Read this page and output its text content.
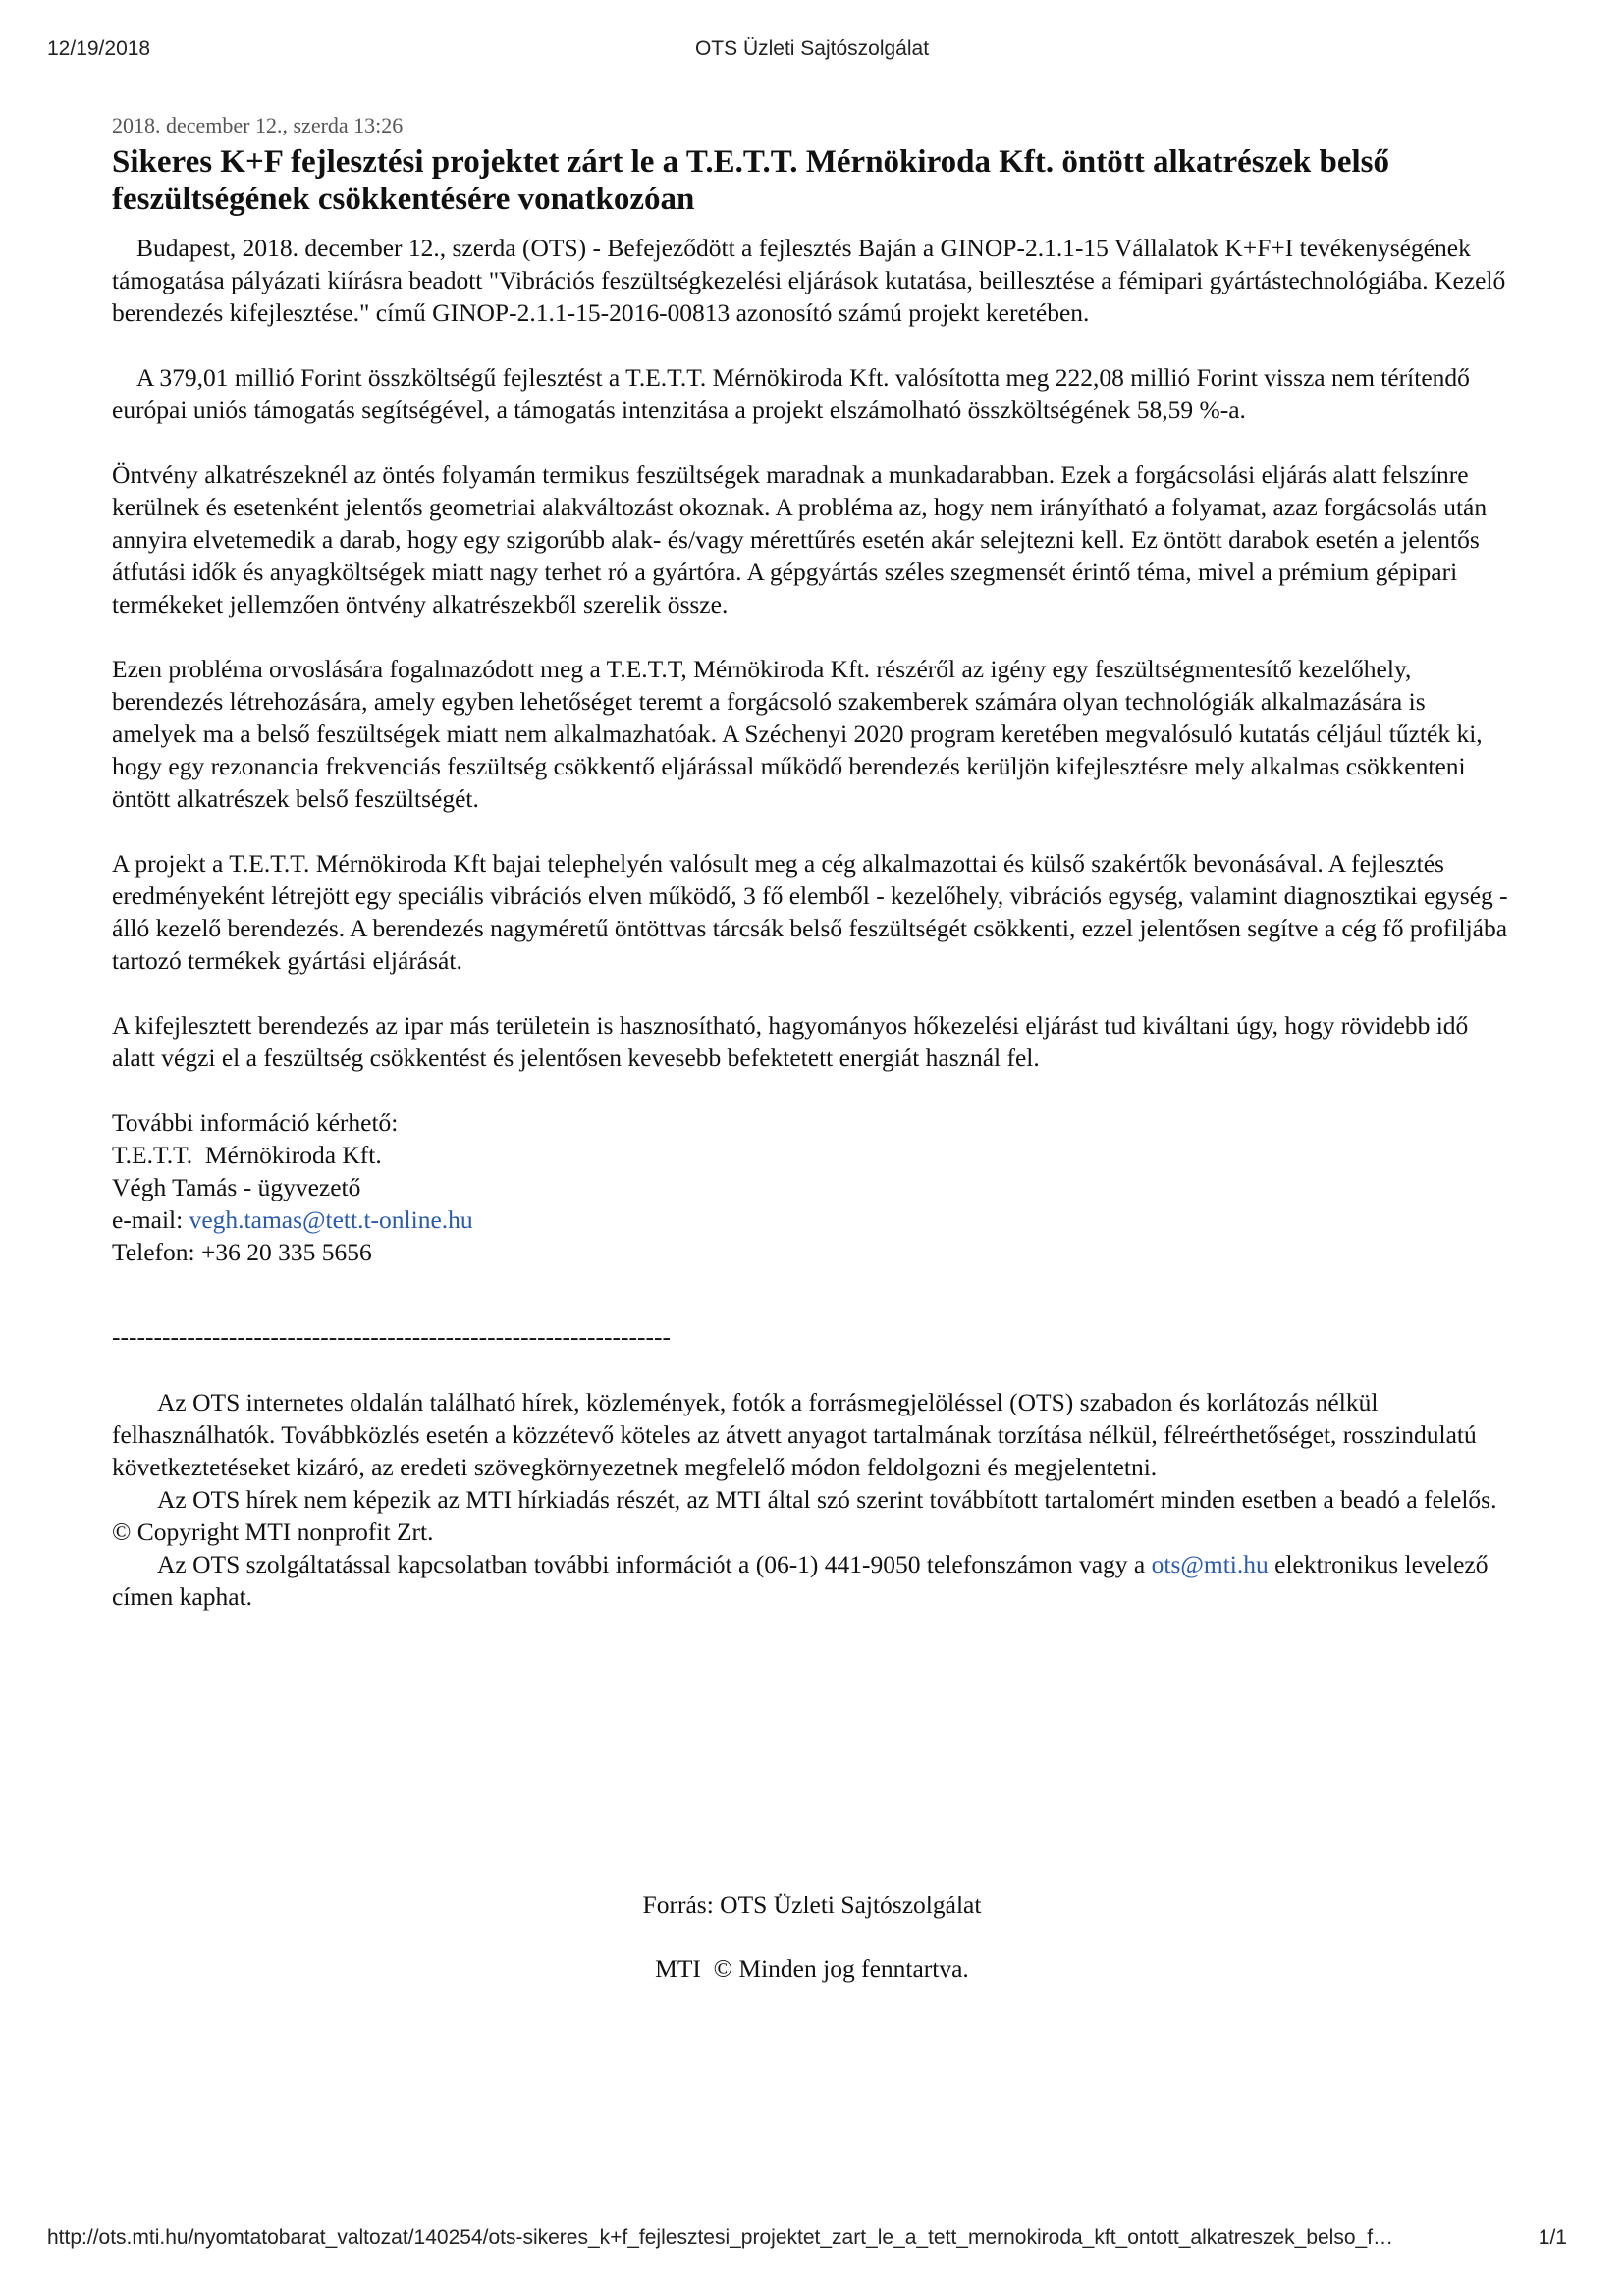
12/19/2018	OTS Üzleti Sajtószolgálat
2018. december 12., szerda 13:26
Sikeres K+F fejlesztési projektet zárt le a T.E.T.T. Mérnökiroda Kft. öntött alkatrészek belső feszültségének csökkentésére vonatkozóan

Budapest, 2018. december 12., szerda (OTS) - Befejeződött a fejlesztés Baján a GINOP-2.1.1-15 Vállalatok K+F+I tevékenységének támogatása pályázati kiírásra beadott "Vibrációs feszültségkezelési eljárások kutatása, beillesztése a fémipari gyártástechnológiába. Kezelő berendezés kifejlesztése." című GINOP-2.1.1-15-2016-00813 azonosító számú projekt keretében.

A 379,01 millió Forint összköltségű fejlesztést a T.E.T.T. Mérnökiroda Kft. valósította meg 222,08 millió Forint vissza nem térítendő európai uniós támogatás segítségével, a támogatás intenzitása a projekt elszámolható összköltségének 58,59 %-a.

Öntvény alkatrészeknél az öntés folyamán termikus feszültségek maradnak a munkadarabban. Ezek a forgácsolási eljárás alatt felszínre kerülnek és esetenként jelentős geometriai alakváltozást okoznak. A probléma az, hogy nem irányítható a folyamat, azaz forgácsolás után annyira elvetemedik a darab, hogy egy szigorúbb alak- és/vagy mérettűrés esetén akár selejtezni kell. Ez öntött darabok esetén a jelentős átfutási idők és anyagköltségek miatt nagy terhet ró a gyártóra. A gépgyártás széles szegmensét érintő téma, mivel a prémium gépipari termékeket jellemzően öntvény alkatrészekből szerelik össze.

Ezen probléma orvoslására fogalmazódott meg a T.E.T.T, Mérnökiroda Kft. részéről az igény egy feszültségmentesítő kezelőhely, berendezés létrehozására, amely egyben lehetőséget teremt a forgácsoló szakemberek számára olyan technológiák alkalmazására is amelyek ma a belső feszültségek miatt nem alkalmazhatóak. A Széchenyi 2020 program keretében megvalósuló kutatás céljául tűzték ki, hogy egy rezonancia frekvenciás feszültség csökkentő eljárással működő berendezés kerüljön kifejlesztésre mely alkalmas csökkenteni öntött alkatrészek belső feszültségét.

A projekt a T.E.T.T. Mérnökiroda Kft bajai telephelyén valósult meg a cég alkalmazottai és külső szakértők bevonásával. A fejlesztés eredményeként létrejött egy speciális vibrációs elven működő, 3 fő elemből - kezelőhely, vibrációs egység, valamint diagnosztikai egység - álló kezelő berendezés. A berendezés nagyméretű öntöttvas tárcsák belső feszültségét csökkenti, ezzel jelentősen segítve a cég fő profiljába tartozó termékek gyártási eljárását.

A kifejlesztett berendezés az ipar más területein is hasznosítható, hagyományos hőkezelési eljárást tud kiváltani úgy, hogy rövidebb idő alatt végzi el a feszültség csökkentést és jelentősen kevesebb befektetett energiát használ fel.

További információ kérhető:
T.E.T.T.  Mérnökiroda Kft.
Végh Tamás - ügyvezető
e-mail: vegh.tamas@tett.t-online.hu
Telefon: +36 20 335 5656
-------------------------------------------------------------------

Az OTS internetes oldalán található hírek, közlemények, fotók a forrásmegjelöléssel (OTS) szabadon és korlátozás nélkül felhasználhatók. Továbbközlés esetén a közzétevő köteles az átvett anyagot tartalmának torzítása nélkül, félreérthetőséget, rosszindulatú következtetéseket kizáró, az eredeti szövegkörnyezetnek megfelelő módon feldolgozni és megjelentetni.

Az OTS hírek nem képezik az MTI hírkiadás részét, az MTI által szó szerint továbbított tartalomért minden esetben a beadó a felelős.

© Copyright MTI nonprofit Zrt.

Az OTS szolgáltatással kapcsolatban további információt a (06-1) 441-9050 telefonszámon vagy a ots@mti.hu elektronikus levelező címen kaphat.

Forrás: OTS Üzleti Sajtószolgálat
MTI  © Minden jog fenntartva.
http://ots.mti.hu/nyomtatobarat_valtozat/140254/ots-sikeres_k+f_fejlesztesi_projektet_zart_le_a_tett_mernokiroda_kft_ontott_alkatreszek_belso_f…	1/1
